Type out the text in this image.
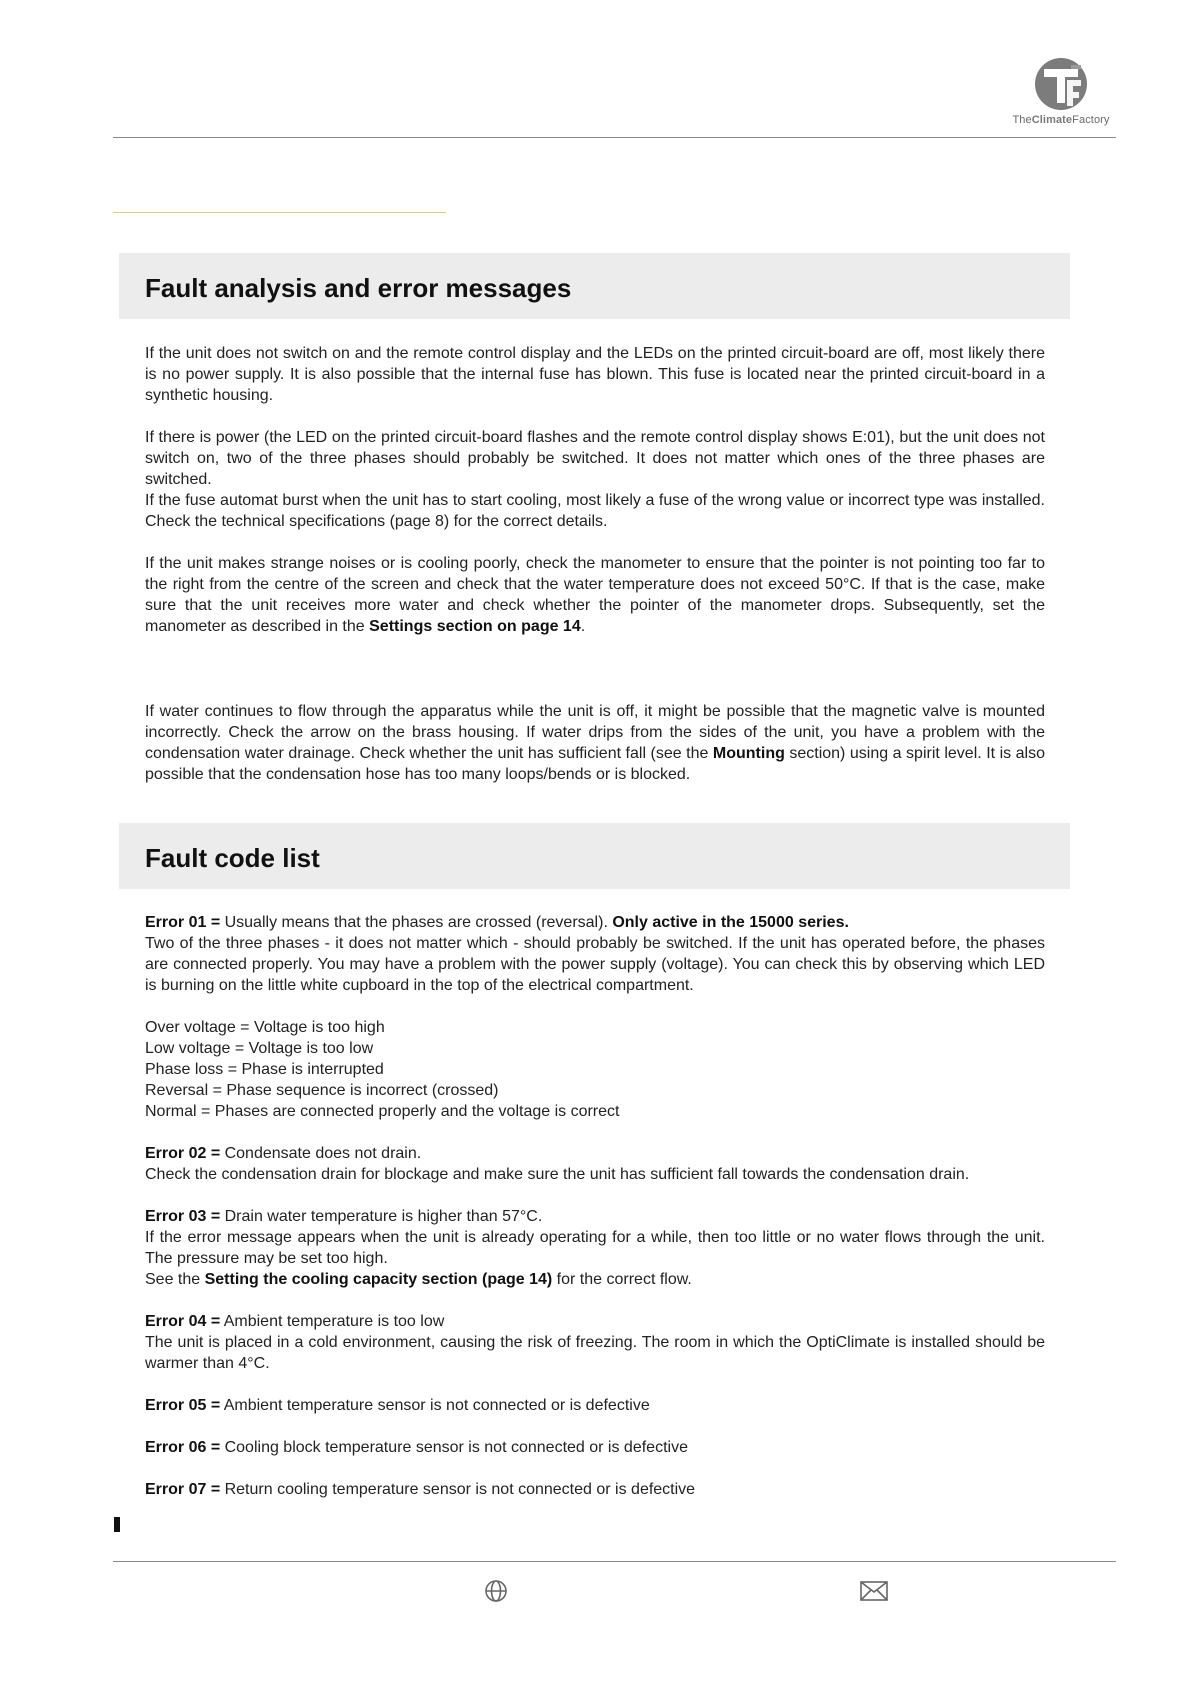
TheClimateFactory
Fault analysis and error messages

If the unit does not switch on and the remote control display and the LEDs on the printed circuit-board are off, most likely there is no power supply. It is also possible that the internal fuse has blown. This fuse is located near the printed circuit-board in a synthetic housing.

If there is power (the LED on the printed circuit-board flashes and the remote control display shows E:01), but the unit does not switch on, two of the three phases should probably be switched. It does not matter which ones of the three phases are switched.

If the fuse automat burst when the unit has to start cooling, most likely a fuse of the wrong value or incorrect type was installed. Check the technical specifications (page 8) for the correct details.

If the unit makes strange noises or is cooling poorly, check the manometer to ensure that the pointer is not pointing too far to the right from the centre of the screen and check that the water temperature does not exceed 50°C. If that is the case, make sure that the unit receives more water and check whether the pointer of the manometer drops. Subsequently, set the manometer as described in the Settings section on page 14.

If water continues to flow through the apparatus while the unit is off, it might be possible that the magnetic valve is mounted incorrectly. Check the arrow on the brass housing. If water drips from the sides of the unit, you have a problem with the condensation water drainage. Check whether the unit has sufficient fall (see the Mounting section) using a spirit level. It is also possible that the condensation hose has too many loops/bends or is blocked.

Fault code list

Error 01 = Usually means that the phases are crossed (reversal). Only active in the 15000 series.

Two of the three phases - it does not matter which - should probably be switched. If the unit has operated before, the phases are connected properly. You may have a problem with the power supply (voltage). You can check this by observing which LED is burning on the little white cupboard in the top of the electrical compartment.

Over voltage = Voltage is too high

Low voltage = Voltage is too low

Phase loss = Phase is interrupted

Reversal = Phase sequence is incorrect (crossed)

Normal = Phases are connected properly and the voltage is correct

Error 02 = Condensate does not drain.

Check the condensation drain for blockage and make sure the unit has sufficient fall towards the condensation drain.

Error 03 = Drain water temperature is higher than 57°C.

If the error message appears when the unit is already operating for a while, then too little or no water flows through the unit. The pressure may be set too high.

See the Setting the cooling capacity section (page 14) for the correct flow.

Error 04 = Ambient temperature is too low

The unit is placed in a cold environment, causing the risk of freezing. The room in which the OptiClimate is installed should be warmer than 4°C.

Error 05 = Ambient temperature sensor is not connected or is defective

Error 06 = Cooling block temperature sensor is not connected or is defective

Error 07 = Return cooling temperature sensor is not connected or is defective
